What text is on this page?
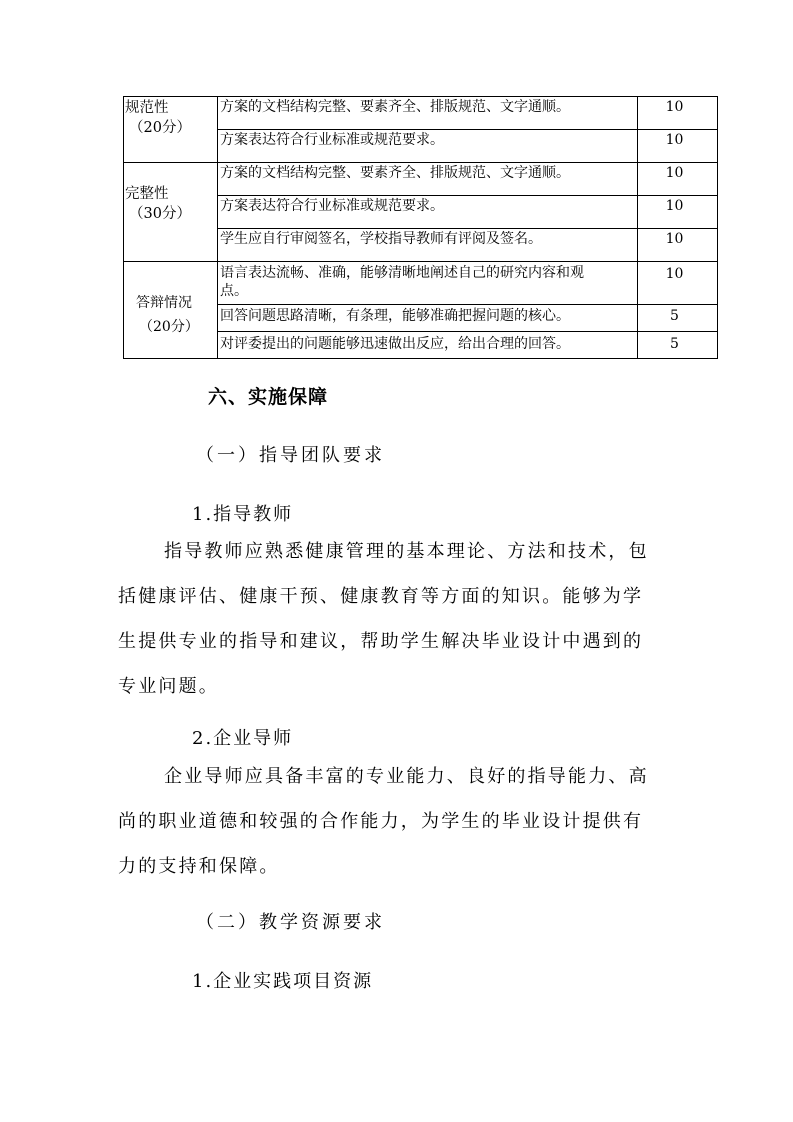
规范性
（20分）
方案的文档结构完整、要素齐全、排版规范、文字通顺。	10
方案表达符合行业标准或规范要求。	10
完整性
（30分）
方案的文档结构完整、要素齐全、排版规范、文字通顺。	10
方案表达符合行业标准或规范要求。	10
学生应自行审阅签名，学校指导教师有评阅及签名。	10
答辩情况
（20分）
语言表达流畅、准确，能够清晰地阐述自己的研究内容和观
点。
10
回答问题思路清晰，有条理，能够准确把握问题的核心。	5
对评委提出的问题能够迅速做出反应，给出合理的回答。	5
六、实施保障
（一）指导团队要求
1.指导教师
指导教师应熟悉健康管理的基本理论、方法和技术，包
括健康评估、健康干预、健康教育等方面的知识。能够为学
生提供专业的指导和建议，帮助学生解决毕业设计中遇到的
专业问题。
2.企业导师
企业导师应具备丰富的专业能力、良好的指导能力、高
尚的职业道德和较强的合作能力，为学生的毕业设计提供有
力的支持和保障。
（二）教学资源要求
1.企业实践项目资源
